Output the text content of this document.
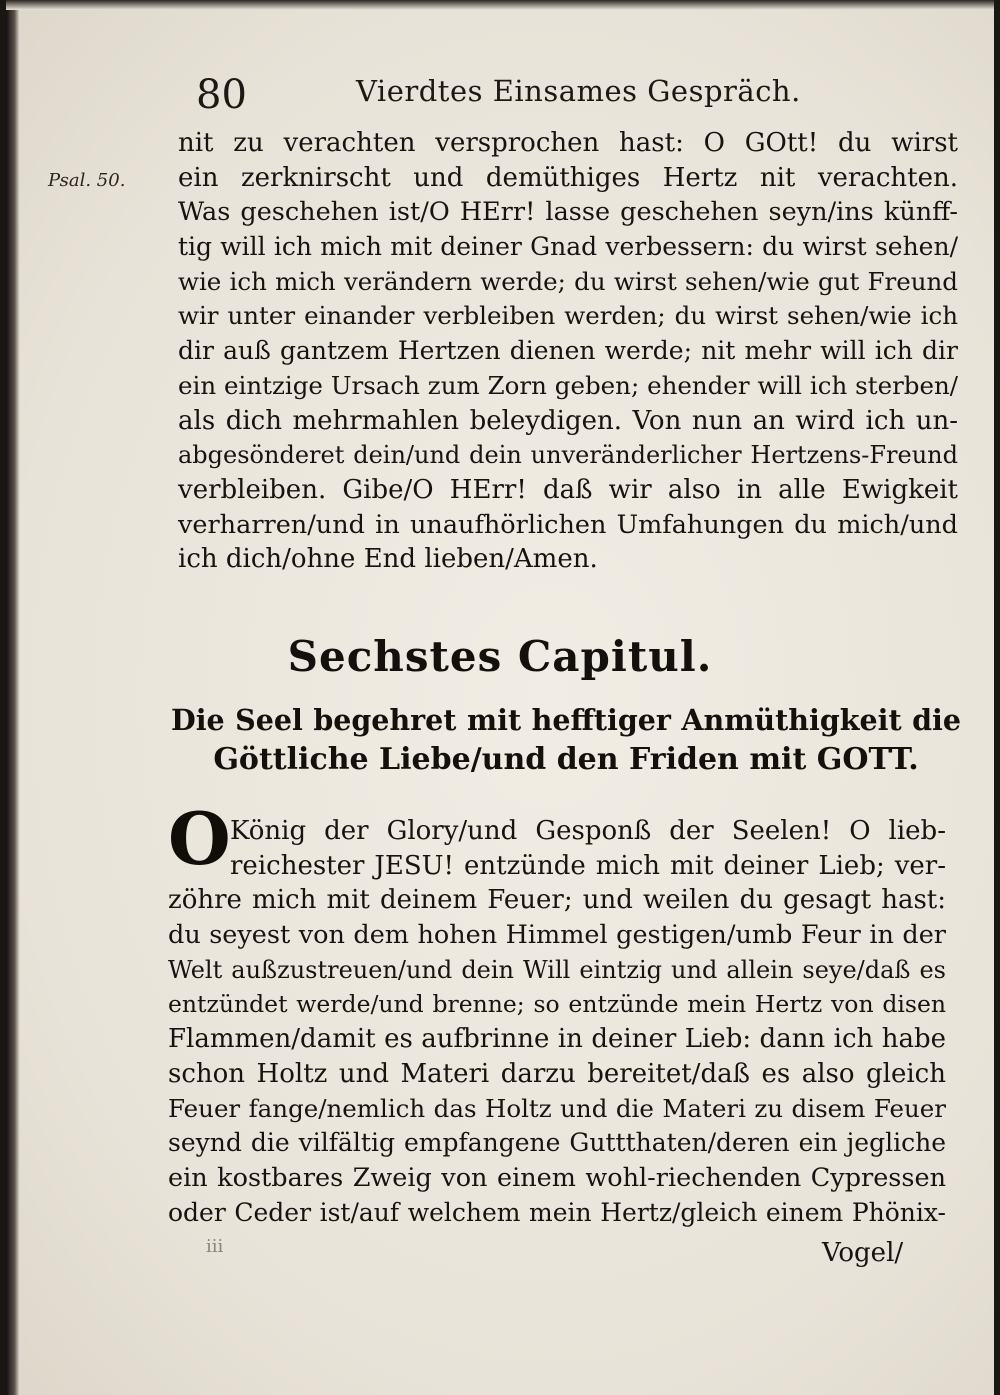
80	Vierdtes Einsames Gespräch.
Psal. 50.
nit zu verachten versprochen hast: O GOtt! du wirst
ein zerknirscht und demüthiges Hertz nit verachten.
Was geschehen ist/O HErr! lasse geschehen seyn/ins künff-
tig will ich mich mit deiner Gnad verbessern: du wirst sehen/
wie ich mich verändern werde; du wirst sehen/wie gut Freund
wir unter einander verbleiben werden; du wirst sehen/wie ich
dir auß gantzem Hertzen dienen werde; nit mehr will ich dir
ein eintzige Ursach zum Zorn geben; ehender will ich sterben/
als dich mehrmahlen beleydigen. Von nun an wird ich un-
abgesönderet dein/und dein unveränderlicher Hertzens-Freund
verbleiben. Gibe/O HErr! daß wir also in alle Ewigkeit
verharren/und in unaufhörlichen Umfahungen du mich/und
ich dich/ohne End lieben/Amen.
Sechstes Capitul.
Die Seel begehret mit hefftiger Anmüthigkeit die
Göttliche Liebe/und den Friden mit GOTT.
O König der Glory/und Gesponß der Seelen! O lieb-
reichester JESU! entzünde mich mit deiner Lieb; ver-
zöhre mich mit deinem Feuer; und weilen du gesagt hast:
du seyest von dem hohen Himmel gestigen/umb Feur in der
Welt außzustreuen/und dein Will eintzig und allein seye/daß es
entzündet werde/und brenne; so entzünde mein Hertz von disen
Flammen/damit es aufbrinne in deiner Lieb: dann ich habe
schon Holtz und Materi darzu bereitet/daß es also gleich
Feuer fange/nemlich das Holtz und die Materi zu disem Feuer
seynd die vilfältig empfangene Guttthaten/deren ein jegliche
ein kostbares Zweig von einem wohl-riechenden Cypressen
oder Ceder ist/auf welchem mein Hertz/gleich einem Phönix-
iii	Vogel/
